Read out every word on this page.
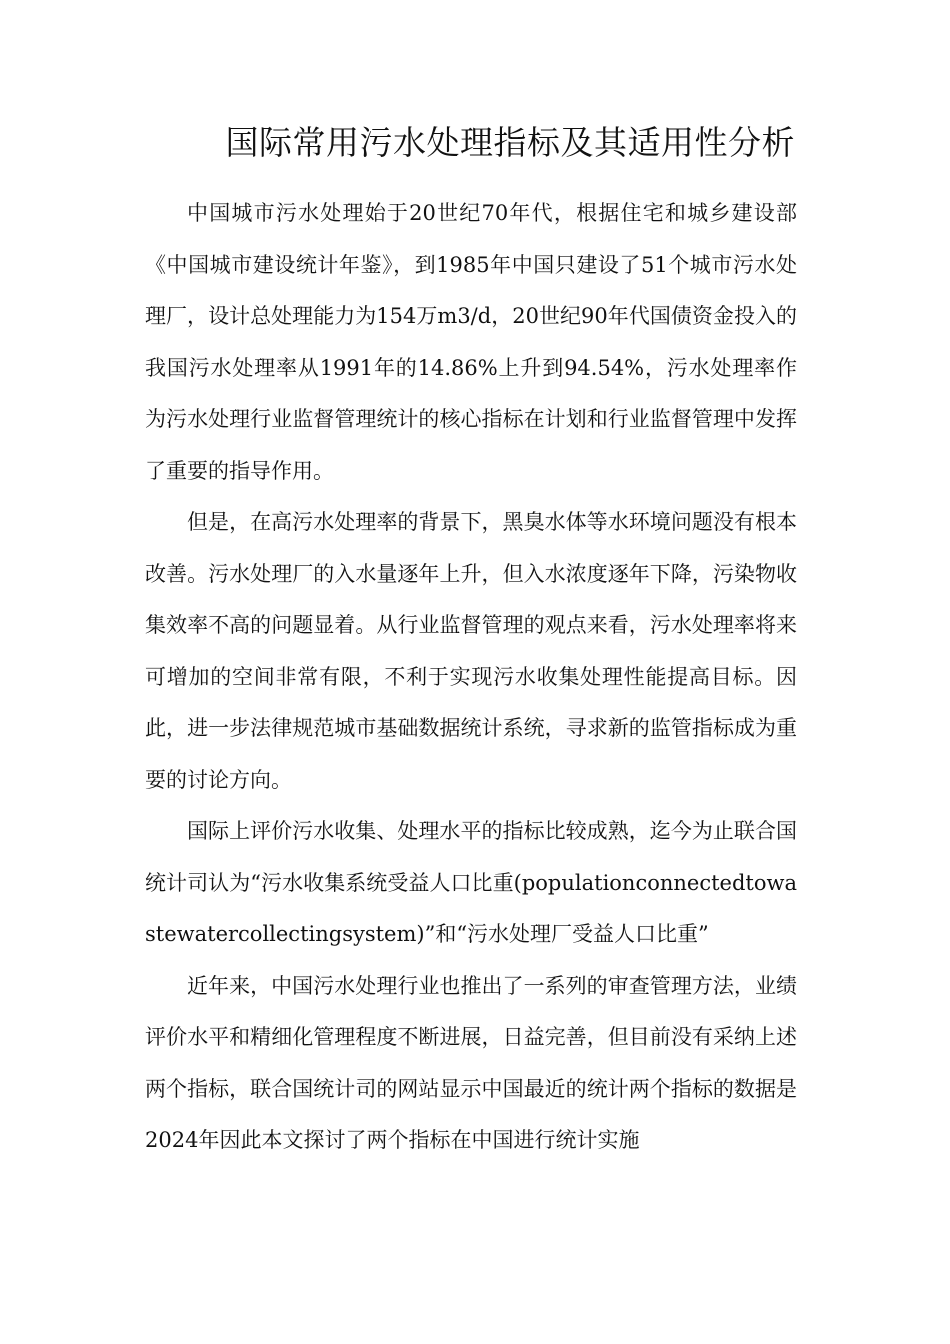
国际常用污水处理指标及其适用性分析

中国城市污水处理始于20世纪70年代，根据住宅和城乡建设部《中国城市建设统计年鉴》，到1985年中国只建设了51个城市污水处理厂，设计总处理能力为154万m3/d，20世纪90年代国债资金投入的我国污水处理率从1991年的14.86%上升到94.54%，污水处理率作为污水处理行业监督管理统计的核心指标在计划和行业监督管理中发挥了重要的指导作用。

但是，在高污水处理率的背景下，黑臭水体等水环境问题没有根本改善。污水处理厂的入水量逐年上升，但入水浓度逐年下降，污染物收集效率不高的问题显着。从行业监督管理的观点来看，污水处理率将来可增加的空间非常有限，不利于实现污水收集处理性能提高目标。因此，进一步法律规范城市基础数据统计系统，寻求新的监管指标成为重要的讨论方向。

国际上评价污水收集、处理水平的指标比较成熟，迄今为止联合国统计司认为“污水收集系统受益人口比重(populationconnectedtowastewatercollectingsystem)”和“污水处理厂受益人口比重”

近年来，中国污水处理行业也推出了一系列的审查管理方法，业绩评价水平和精细化管理程度不断进展，日益完善，但目前没有采纳上述两个指标，联合国统计司的网站显示中国最近的统计两个指标的数据是2024年因此本文探讨了两个指标在中国进行统计实施
